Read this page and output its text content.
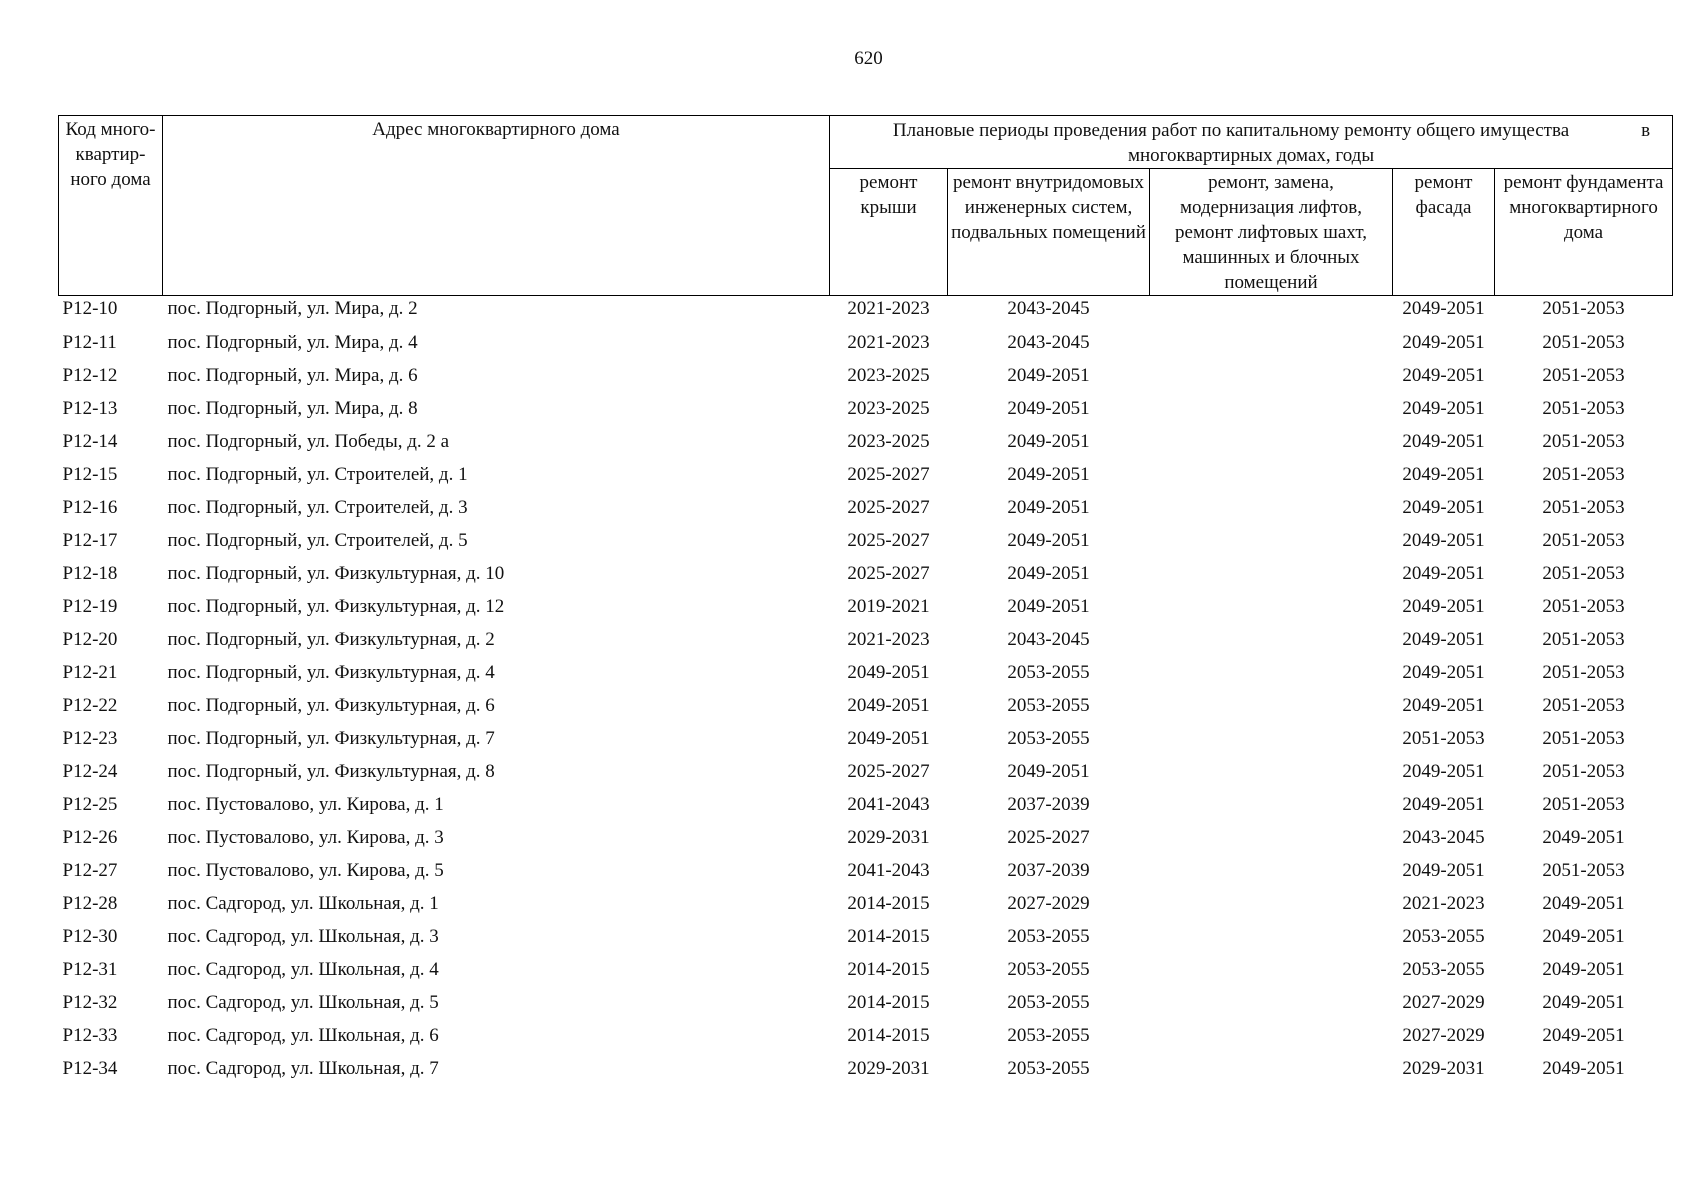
620
Код много-квартир-ного дома	Адрес многоквартирного дома	Плановые периоды проведения работ по капитальному ремонту общего имущества в
многоквартирных домах, годы				
		ремонт крыши	ремонт внутридомовых инженерных систем, подвальных помещений	ремонт, замена, модернизация лифтов, ремонт лифтовых шахт, машинных и блочных помещений	ремонт фасада	ремонт фундамента многоквартирного дома
Р12-10	пос. Подгорный, ул. Мира, д. 2	2021-2023	2043-2045		2049-2051	2051-2053
Р12-11	пос. Подгорный, ул. Мира, д. 4	2021-2023	2043-2045		2049-2051	2051-2053
Р12-12	пос. Подгорный, ул. Мира, д. 6	2023-2025	2049-2051		2049-2051	2051-2053
Р12-13	пос. Подгорный, ул. Мира, д. 8	2023-2025	2049-2051		2049-2051	2051-2053
Р12-14	пос. Подгорный, ул. Победы, д. 2 а	2023-2025	2049-2051		2049-2051	2051-2053
Р12-15	пос. Подгорный, ул. Строителей, д. 1	2025-2027	2049-2051		2049-2051	2051-2053
Р12-16	пос. Подгорный, ул. Строителей, д. 3	2025-2027	2049-2051		2049-2051	2051-2053
Р12-17	пос. Подгорный, ул. Строителей, д. 5	2025-2027	2049-2051		2049-2051	2051-2053
Р12-18	пос. Подгорный, ул. Физкультурная, д. 10	2025-2027	2049-2051		2049-2051	2051-2053
Р12-19	пос. Подгорный, ул. Физкультурная, д. 12	2019-2021	2049-2051		2049-2051	2051-2053
Р12-20	пос. Подгорный, ул. Физкультурная, д. 2	2021-2023	2043-2045		2049-2051	2051-2053
Р12-21	пос. Подгорный, ул. Физкультурная, д. 4	2049-2051	2053-2055		2049-2051	2051-2053
Р12-22	пос. Подгорный, ул. Физкультурная, д. 6	2049-2051	2053-2055		2049-2051	2051-2053
Р12-23	пос. Подгорный, ул. Физкультурная, д. 7	2049-2051	2053-2055		2051-2053	2051-2053
Р12-24	пос. Подгорный, ул. Физкультурная, д. 8	2025-2027	2049-2051		2049-2051	2051-2053
Р12-25	пос. Пустовалово, ул. Кирова, д. 1	2041-2043	2037-2039		2049-2051	2051-2053
Р12-26	пос. Пустовалово, ул. Кирова, д. 3	2029-2031	2025-2027		2043-2045	2049-2051
Р12-27	пос. Пустовалово, ул. Кирова, д. 5	2041-2043	2037-2039		2049-2051	2051-2053
Р12-28	пос. Садгород, ул. Школьная, д. 1	2014-2015	2027-2029		2021-2023	2049-2051
Р12-30	пос. Садгород, ул. Школьная, д. 3	2014-2015	2053-2055		2053-2055	2049-2051
Р12-31	пос. Садгород, ул. Школьная, д. 4	2014-2015	2053-2055		2053-2055	2049-2051
Р12-32	пос. Садгород, ул. Школьная, д. 5	2014-2015	2053-2055		2027-2029	2049-2051
Р12-33	пос. Садгород, ул. Школьная, д. 6	2014-2015	2053-2055		2027-2029	2049-2051
Р12-34	пос. Садгород, ул. Школьная, д. 7	2029-2031	2053-2055		2029-2031	2049-2051
